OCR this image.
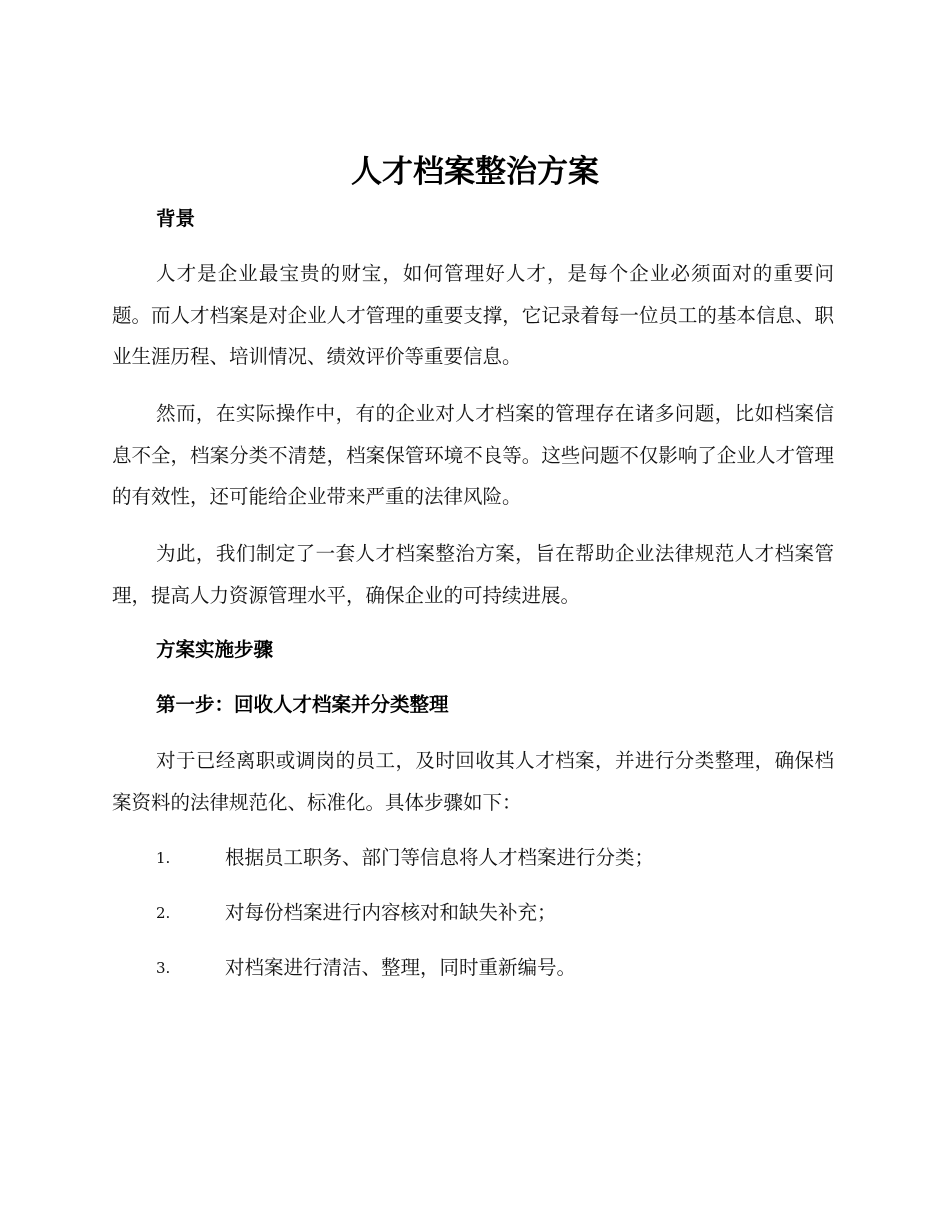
人才档案整治方案
背景

人才是企业最宝贵的财宝，如何管理好人才，是每个企业必须面对的重要问题。而人才档案是对企业人才管理的重要支撑，它记录着每一位员工的基本信息、职业生涯历程、培训情况、绩效评价等重要信息。

然而，在实际操作中，有的企业对人才档案的管理存在诸多问题，比如档案信息不全，档案分类不清楚，档案保管环境不良等。这些问题不仅影响了企业人才管理的有效性，还可能给企业带来严重的法律风险。

为此，我们制定了一套人才档案整治方案，旨在帮助企业法律规范人才档案管理，提高人力资源管理水平，确保企业的可持续进展。

方案实施步骤
第一步：回收人才档案并分类整理

对于已经离职或调岗的员工，及时回收其人才档案，并进行分类整理，确保档案资料的法律规范化、标准化。具体步骤如下：

1.	根据员工职务、部门等信息将人才档案进行分类；
2.	对每份档案进行内容核对和缺失补充；
3.	对档案进行清洁、整理，同时重新编号。
